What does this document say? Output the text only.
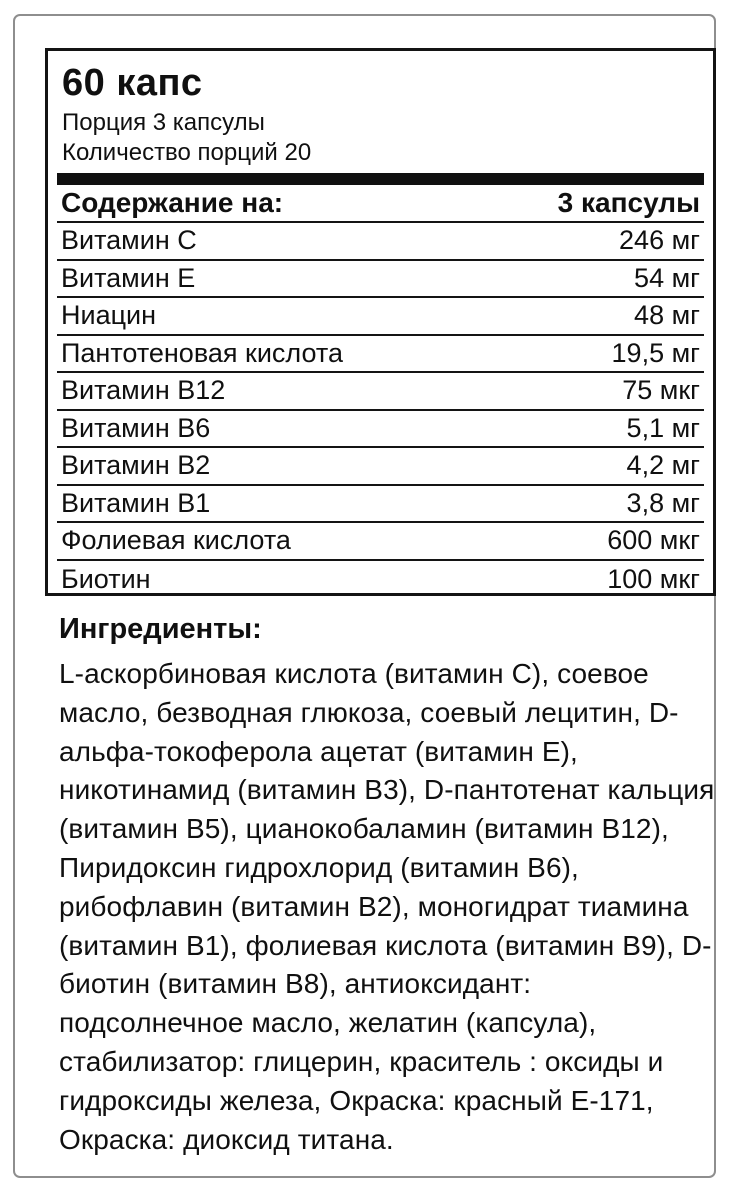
60 капс
Порция 3 капсулы
Количество порций 20
Содержание на:	3 капсулы
Витамин C	246 мг
Витамин E	54 мг
Ниацин	48 мг
Пантотеновая кислота	19,5 мг
Витамин B12	75 мкг
Витамин B6	5,1 мг
Витамин B2	4,2 мг
Витамин B1	3,8 мг
Фолиевая кислота	600 мкг
Биотин	100 мкг
Ингредиенты:
L-аскорбиновая кислота (витамин C), соевое масло, безводная глюкоза, соевый лецитин, D-альфа-токоферола ацетат (витамин E), никотинамид (витамин B3), D-пантотенат кальция (витамин B5), цианокобаламин (витамин B12), Пиридоксин гидрохлорид (витамин B6), рибофлавин (витамин B2), моногидрат тиамина (витамин B1), фолиевая кислота (витамин B9), D-биотин (витамин B8), антиоксидант: подсолнечное масло, желатин (капсула), стабилизатор: глицерин, краситель : оксиды и гидроксиды железа, Окраска: красный E-171, Окраска: диоксид титана.
